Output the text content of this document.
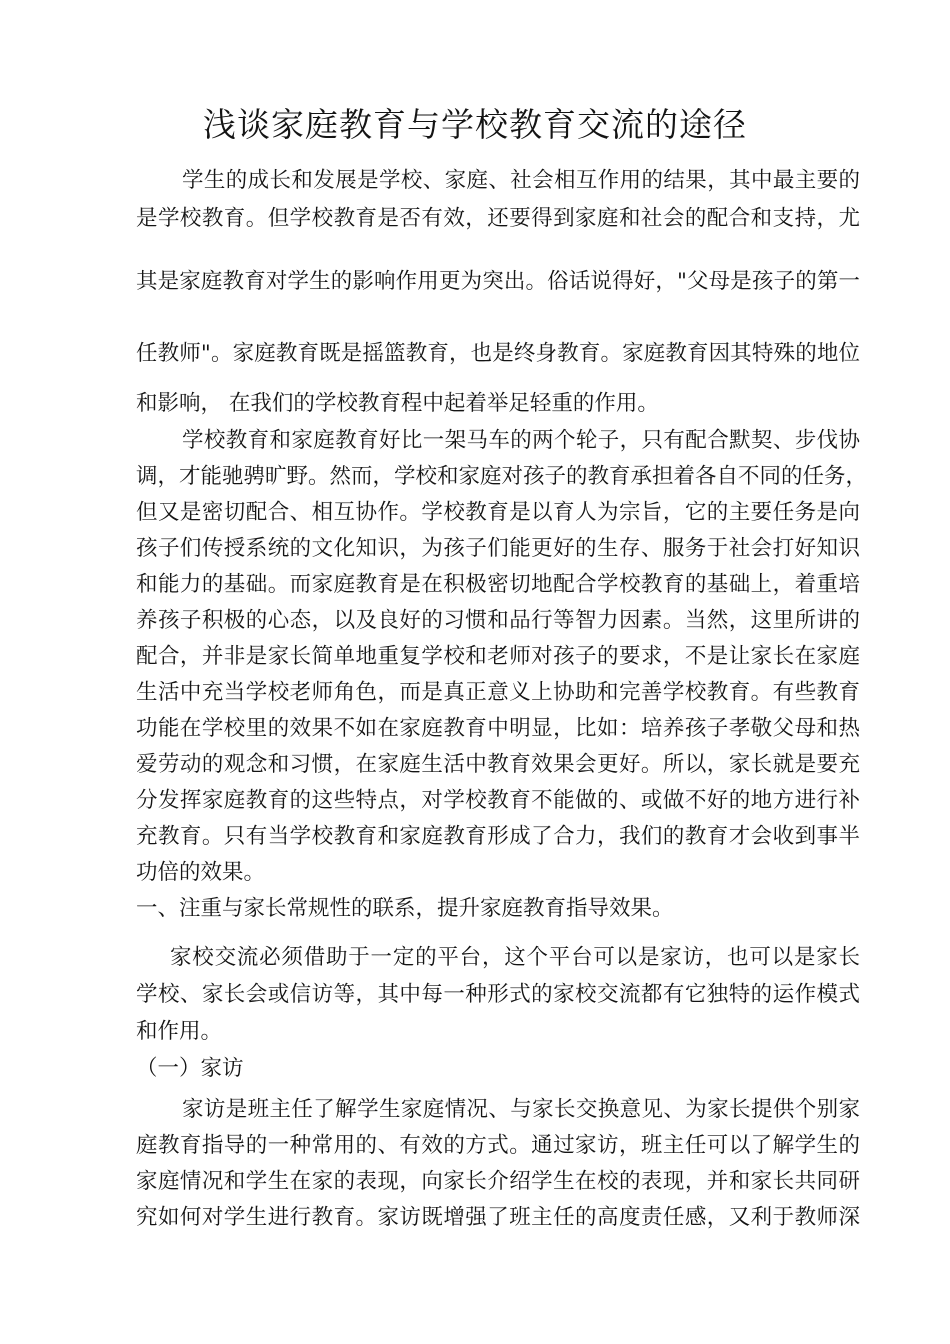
浅谈家庭教育与学校教育交流的途径
学生的成长和发展是学校、家庭、社会相互作用的结果，其中最主要的
是学校教育。但学校教育是否有效，还要得到家庭和社会的配合和支持，尤
其是家庭教育对学生的影响作用更为突出。俗话说得好，"父母是孩子的第一
任教师"。家庭教育既是摇篮教育，也是终身教育。家庭教育因其特殊的地位
和影响， 在我们的学校教育程中起着举足轻重的作用。
学校教育和家庭教育好比一架马车的两个轮子，只有配合默契、步伐协
调，才能驰骋旷野。然而，学校和家庭对孩子的教育承担着各自不同的任务，
但又是密切配合、相互协作。学校教育是以育人为宗旨，它的主要任务是向
孩子们传授系统的文化知识，为孩子们能更好的生存、服务于社会打好知识
和能力的基础。而家庭教育是在积极密切地配合学校教育的基础上，着重培
养孩子积极的心态，以及良好的习惯和品行等智力因素。当然，这里所讲的
配合，并非是家长简单地重复学校和老师对孩子的要求，不是让家长在家庭
生活中充当学校老师角色，而是真正意义上协助和完善学校教育。有些教育
功能在学校里的效果不如在家庭教育中明显，比如：培养孩子孝敬父母和热
爱劳动的观念和习惯，在家庭生活中教育效果会更好。所以，家长就是要充
分发挥家庭教育的这些特点，对学校教育不能做的、或做不好的地方进行补
充教育。只有当学校教育和家庭教育形成了合力，我们的教育才会收到事半
功倍的效果。
一、注重与家长常规性的联系，提升家庭教育指导效果。
家校交流必须借助于一定的平台，这个平台可以是家访，也可以是家长
学校、家长会或信访等，其中每一种形式的家校交流都有它独特的运作模式
和作用。
（一）家访
家访是班主任了解学生家庭情况、与家长交换意见、为家长提供个别家
庭教育指导的一种常用的、有效的方式。通过家访，班主任可以了解学生的
家庭情况和学生在家的表现，向家长介绍学生在校的表现，并和家长共同研
究如何对学生进行教育。家访既增强了班主任的高度责任感，又利于教师深
